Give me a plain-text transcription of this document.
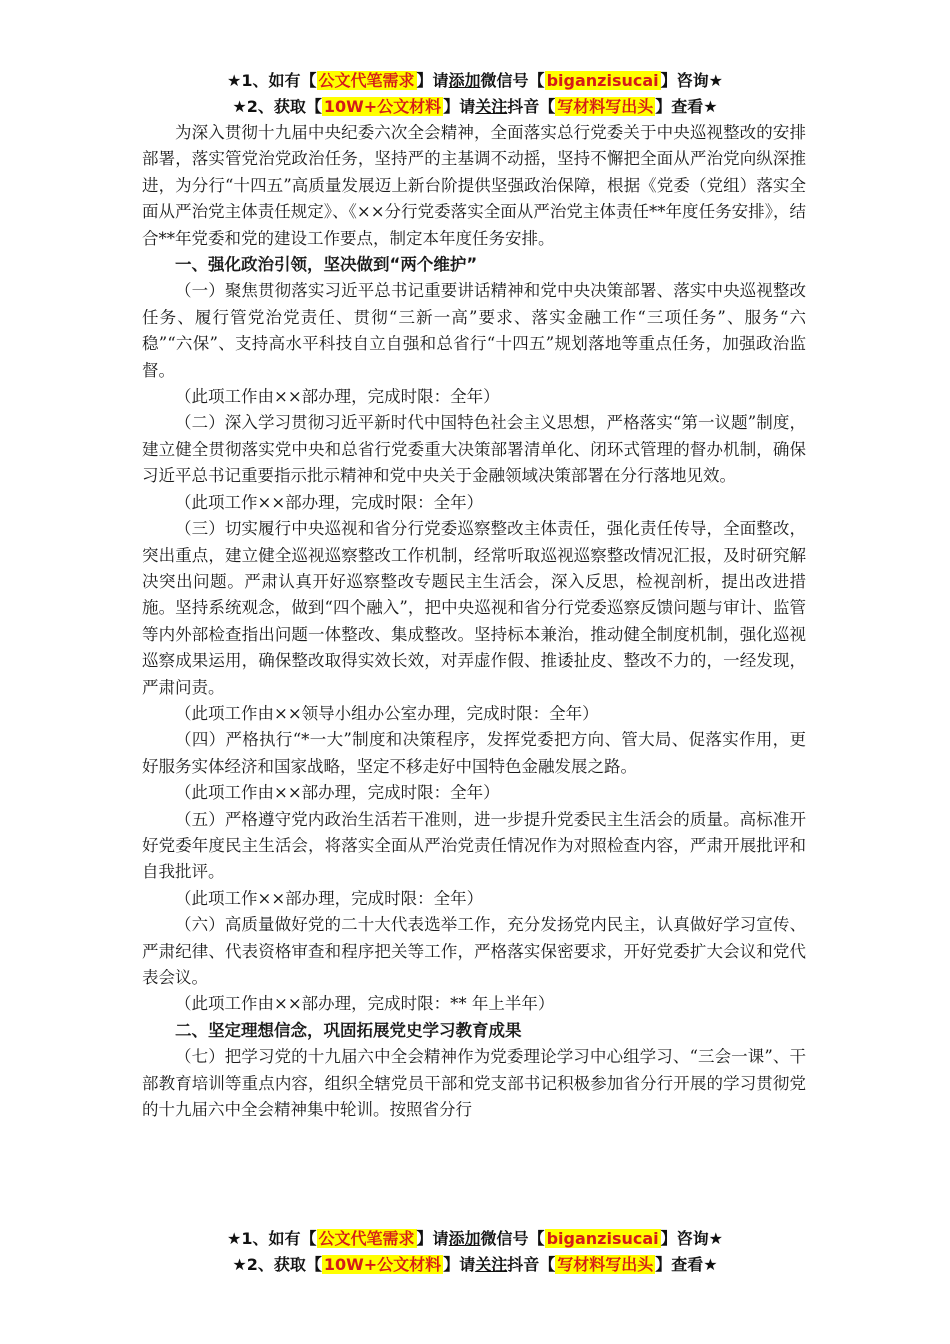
★1、如有【 公文代笔需求 】请添加微信号【 biganzisucai 】咨询★
★2、获取【 10W+公文材料 】请关注抖音【 写材料写出头 】查看★

为深入贯彻十九届中央纪委六次全会精神，全面落实总行党委关于中央巡视整改的安排部署，落实管党治党政治任务，坚持严的主基调不动摇，坚持不懈把全面从严治党向纵深推进，为分行“十四五”高质量发展迈上新台阶提供坚强政治保障，根据《党委（党组）落实全面从严治党主体责任规定》、《××分行党委落实全面从严治党主体责任**年度任务安排》，结合**年党委和党的建设工作要点，制定本年度任务安排。

一、强化政治引领，坚决做到“两个维护”

（一）聚焦贯彻落实习近平总书记重要讲话精神和党中央决策部署、落实中央巡视整改任务、履行管党治党责任、贯彻“三新一高”要求、落实金融工作“三项任务”、服务“六稳”“六保”、支持高水平科技自立自强和总省行“十四五”规划落地等重点任务，加强政治监督。

（此项工作由××部办理，完成时限：全年）

（二）深入学习贯彻习近平新时代中国特色社会主义思想，严格落实“第一议题”制度，建立健全贯彻落实党中央和总省行党委重大决策部署清单化、闭环式管理的督办机制，确保习近平总书记重要指示批示精神和党中央关于金融领域决策部署在分行落地见效。

（此项工作××部办理，完成时限：全年）

（三）切实履行中央巡视和省分行党委巡察整改主体责任，强化责任传导，全面整改，突出重点，建立健全巡视巡察整改工作机制，经常听取巡视巡察整改情况汇报，及时研究解决突出问题。严肃认真开好巡察整改专题民主生活会，深入反思，检视剖析，提出改进措施。坚持系统观念，做到“四个融入”，把中央巡视和省分行党委巡察反馈问题与审计、监管等内外部检查指出问题一体整改、集成整改。坚持标本兼治，推动健全制度机制，强化巡视巡察成果运用，确保整改取得实效长效，对弄虚作假、推诿扯皮、整改不力的，一经发现，严肃问责。

（此项工作由××领导小组办公室办理，完成时限：全年）

（四）严格执行“*一大”制度和决策程序，发挥党委把方向、管大局、促落实作用，更好服务实体经济和国家战略，坚定不移走好中国特色金融发展之路。

（此项工作由××部办理，完成时限：全年）

（五）严格遵守党内政治生活若干准则，进一步提升党委民主生活会的质量。高标准开好党委年度民主生活会，将落实全面从严治党责任情况作为对照检查内容，严肃开展批评和自我批评。

（此项工作××部办理，完成时限：全年）

（六）高质量做好党的二十大代表选举工作，充分发扬党内民主，认真做好学习宣传、严肃纪律、代表资格审查和程序把关等工作，严格落实保密要求，开好党委扩大会议和党代表会议。

（此项工作由××部办理，完成时限：** 年上半年）

二、坚定理想信念，巩固拓展党史学习教育成果

（七）把学习党的十九届六中全会精神作为党委理论学习中心组学习、“三会一课”、干部教育培训等重点内容，组织全辖党员干部和党支部书记积极参加省分行开展的学习贯彻党的十九届六中全会精神集中轮训。按照省分行

★1、如有【 公文代笔需求 】请添加微信号【 biganzisucai 】咨询★
★2、获取【 10W+公文材料 】请关注抖音【 写材料写出头 】查看★
